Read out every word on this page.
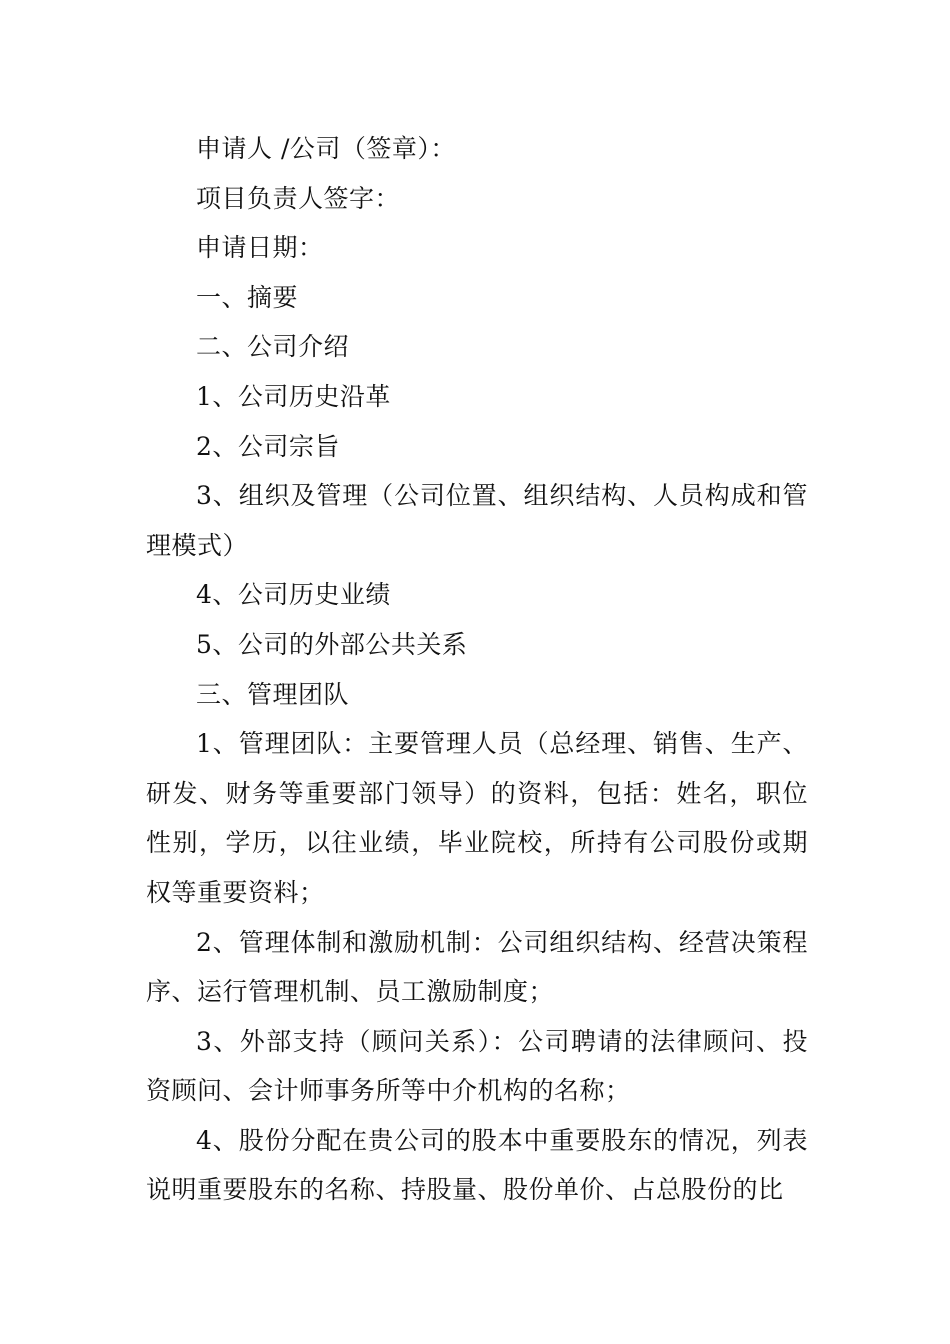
申请人 /公司（签章）：

项目负责人签字：

申请日期：

一、摘要

二、公司介绍

1、公司历史沿革

2、公司宗旨

3、组织及管理（公司位置、组织结构、人员构成和管理模式）

4、公司历史业绩

5、公司的外部公共关系

三、管理团队

1、管理团队：主要管理人员（总经理、销售、生产、研发、财务等重要部门领导）的资料，包括：姓名，职位性别，学历，以往业绩，毕业院校，所持有公司股份或期权等重要资料；

2、管理体制和激励机制：公司组织结构、经营决策程序、运行管理机制、员工激励制度；

3、外部支持（顾问关系）：公司聘请的法律顾问、投资顾问、会计师事务所等中介机构的名称；

4、股份分配在贵公司的股本中重要股东的情况，列表说明重要股东的名称、持股量、股份单价、占总股份的比
